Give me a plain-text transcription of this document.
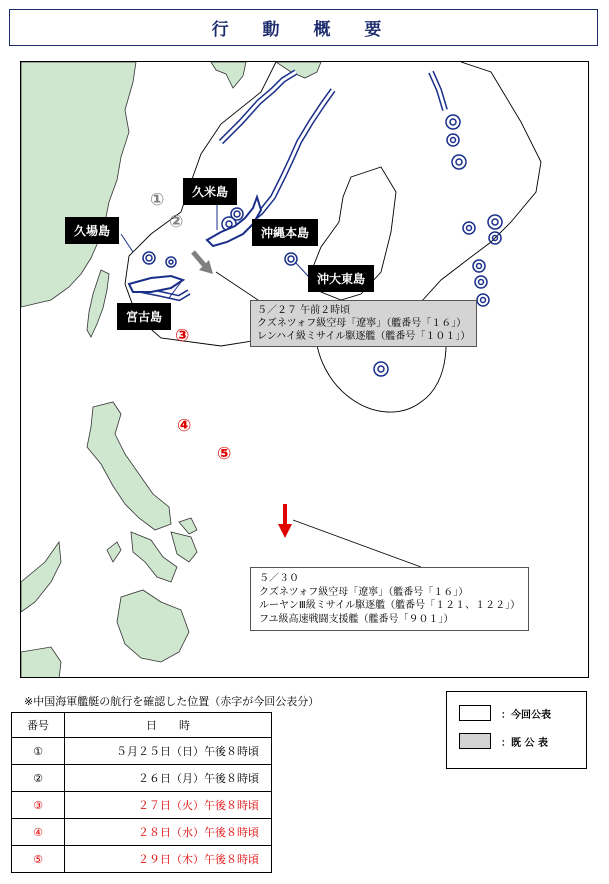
行 動 概 要
久米島
久場島	沖縄本島
沖大東島
宮古島
①
②
③
④
⑤
５／２７ 午前２時頃
クズネツォフ級空母「遼寧」（艦番号「１６」）
レンハイ級ミサイル駆逐艦（艦番号「１０１」）
５／３０
クズネツォフ級空母「遼寧」（艦番号「１６」）
ルーヤンⅢ級ミサイル駆逐艦（艦番号「１２１、１２２」）
フユ級高速戦闘支援艦（艦番号「９０１」）
※中国海軍艦艇の航行を確認した位置（赤字が今回公表分）
番号	日　　時
①	５月２５日（日）午後８時頃
②	２６日（月）午後８時頃
③	２７日（火）午後８時頃
④	２８日（水）午後８時頃
⑤	２９日（木）午後８時頃
：今回公表
：既 公 表
